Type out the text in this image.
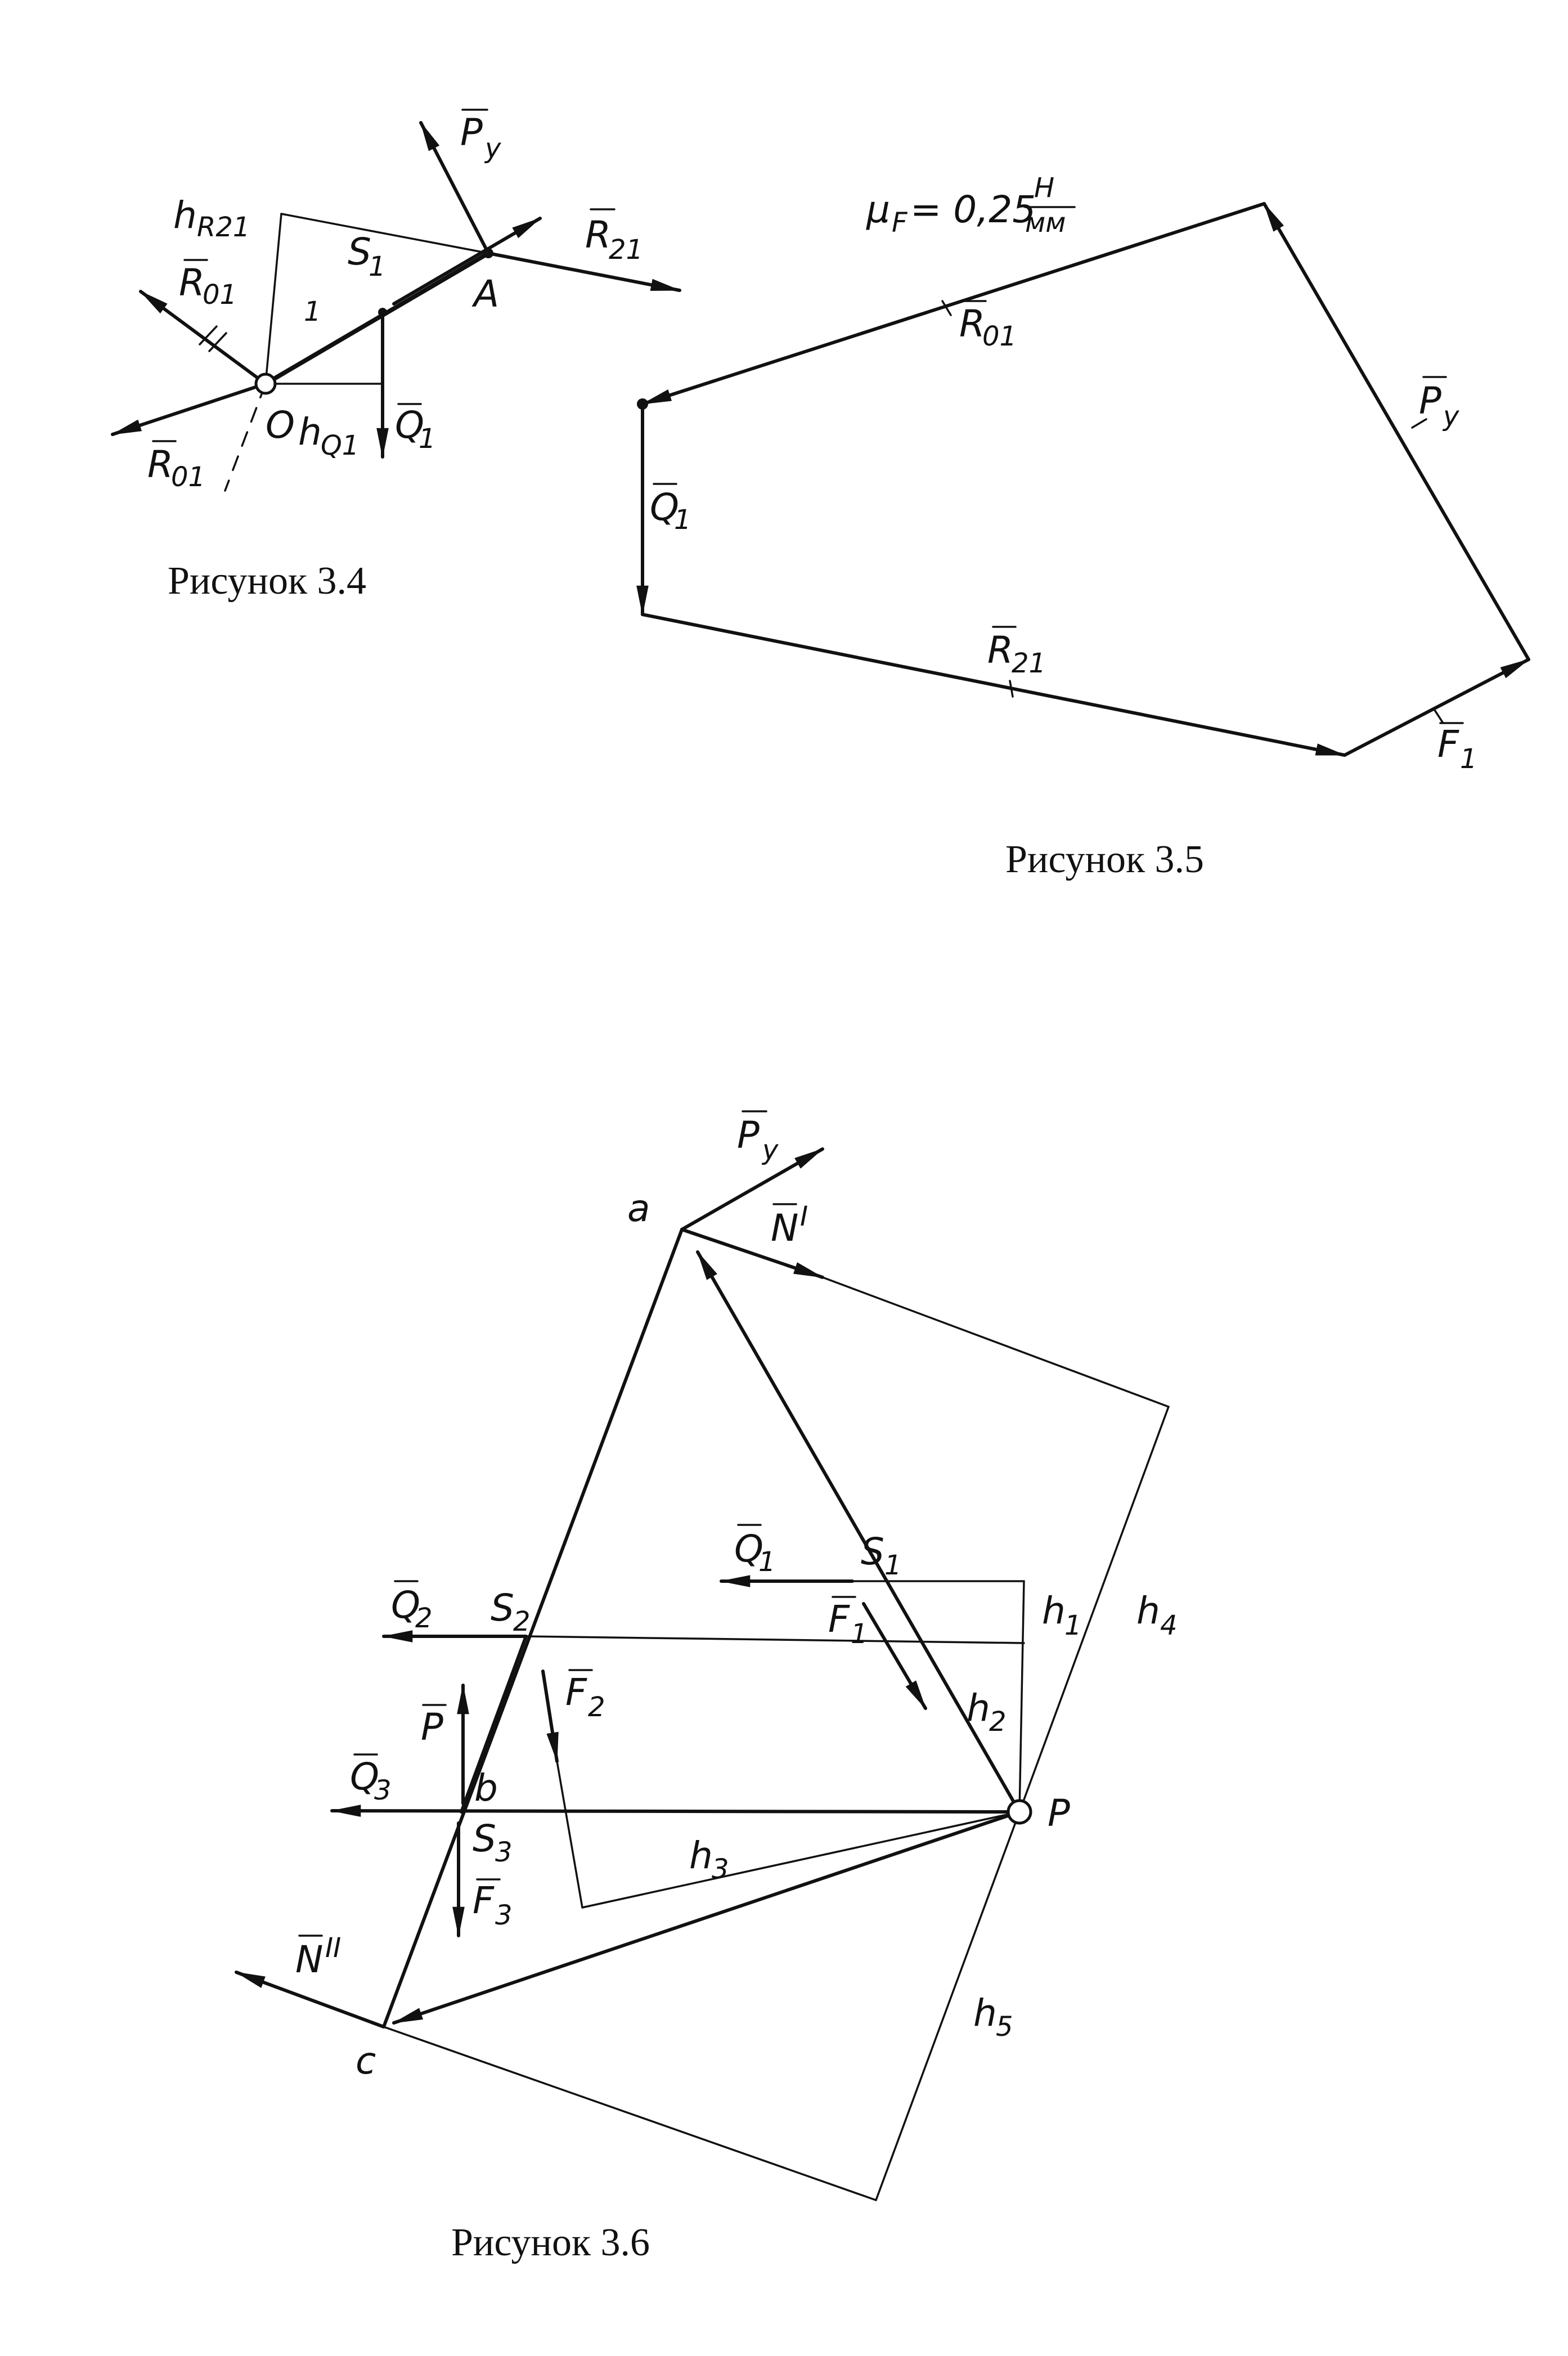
P y
h R21	R
21
A
S
1
1
R
01
O h
Q1 Q
1
R
01
Рисунок 3.4
μ F = 0,25
Н
мм
R
01
P y
Q
1
R
21
F 1
Рисунок 3.5
P y
a	N I
Q
1 S 1
h
1 h 4
F 1
Q
2 S
2
h
2
F 2
P
Q
3 b
S
3	h
3
P
F 3
N II
h
5
c
Рисунок 3.6
